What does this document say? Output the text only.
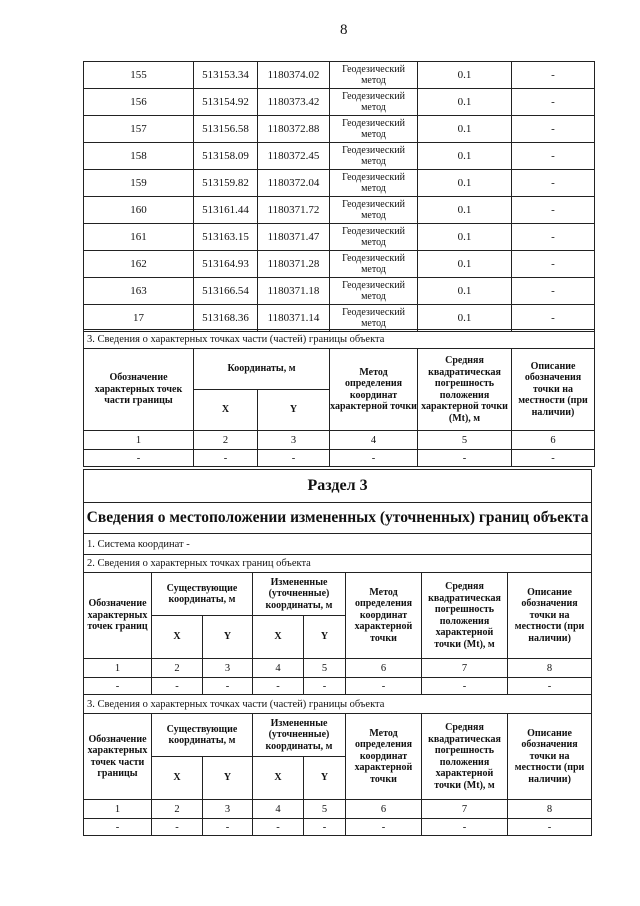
8
155	513153.34	1180374.02	Геодезический метод	0.1	-
156	513154.92	1180373.42	Геодезический метод	0.1	-
157	513156.58	1180372.88	Геодезический метод	0.1	-
158	513158.09	1180372.45	Геодезический метод	0.1	-
159	513159.82	1180372.04	Геодезический метод	0.1	-
160	513161.44	1180371.72	Геодезический метод	0.1	-
161	513163.15	1180371.47	Геодезический метод	0.1	-
162	513164.93	1180371.28	Геодезический метод	0.1	-
163	513166.54	1180371.18	Геодезический метод	0.1	-
17	513168.36	1180371.14	Геодезический метод	0.1	-
3. Сведения о характерных точках части (частей) границы объекта					
Обозначение характерных точек части границы	Координаты, м		Метод определения координат характерной точки	Средняя квадратическая погрешность положения характерной точки (Mt), м	Описание обозначения точки на местности (при наличии)
	X	Y			
1	2	3	4	5	6
-	-	-	-	-	-
Раздел 3							
Сведения о местоположении измененных (уточненных) границ объекта							
1. Система координат -							
2. Сведения о характерных точках границ объекта							
Обозначение характерных точек границ	Существующие координаты, м		Измененные (уточненные) координаты, м		Метод определения координат характерной точки	Средняя квадратическая погрешность положения характерной точки (Mt), м	Описание обозначения точки на местности (при наличии)
	X	Y	X	Y			
1	2	3	4	5	6	7	8
-	-	-	-	-	-	-	-
3. Сведения о характерных точках части (частей) границы объекта							
Обозначение характерных точек части границы	Существующие координаты, м		Измененные (уточненные) координаты, м		Метод определения координат характерной точки	Средняя квадратическая погрешность положения характерной точки (Mt), м	Описание обозначения точки на местности (при наличии)
	X	Y	X	Y			
1	2	3	4	5	6	7	8
-	-	-	-	-	-	-	-
